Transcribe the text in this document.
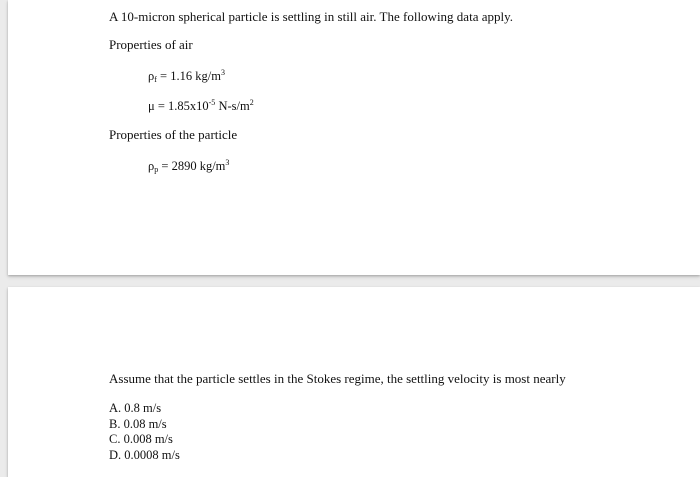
A 10-micron spherical particle is settling in still air. The following data apply.
Properties of air
$\rho_f = 1.16$ $kg/m^3$
$\mu = 1.85x10^{-5}$ $N-s/m^2$
Properties of the particle
$\rho_p = 2890$ $kg/m^3$
Assume that the particle settles in the Stokes regime, the settling velocity is most nearly
A. 0.8 m/s
B. 0.08 m/s
C. 0.008 m/s
D. 0.0008 m/s
